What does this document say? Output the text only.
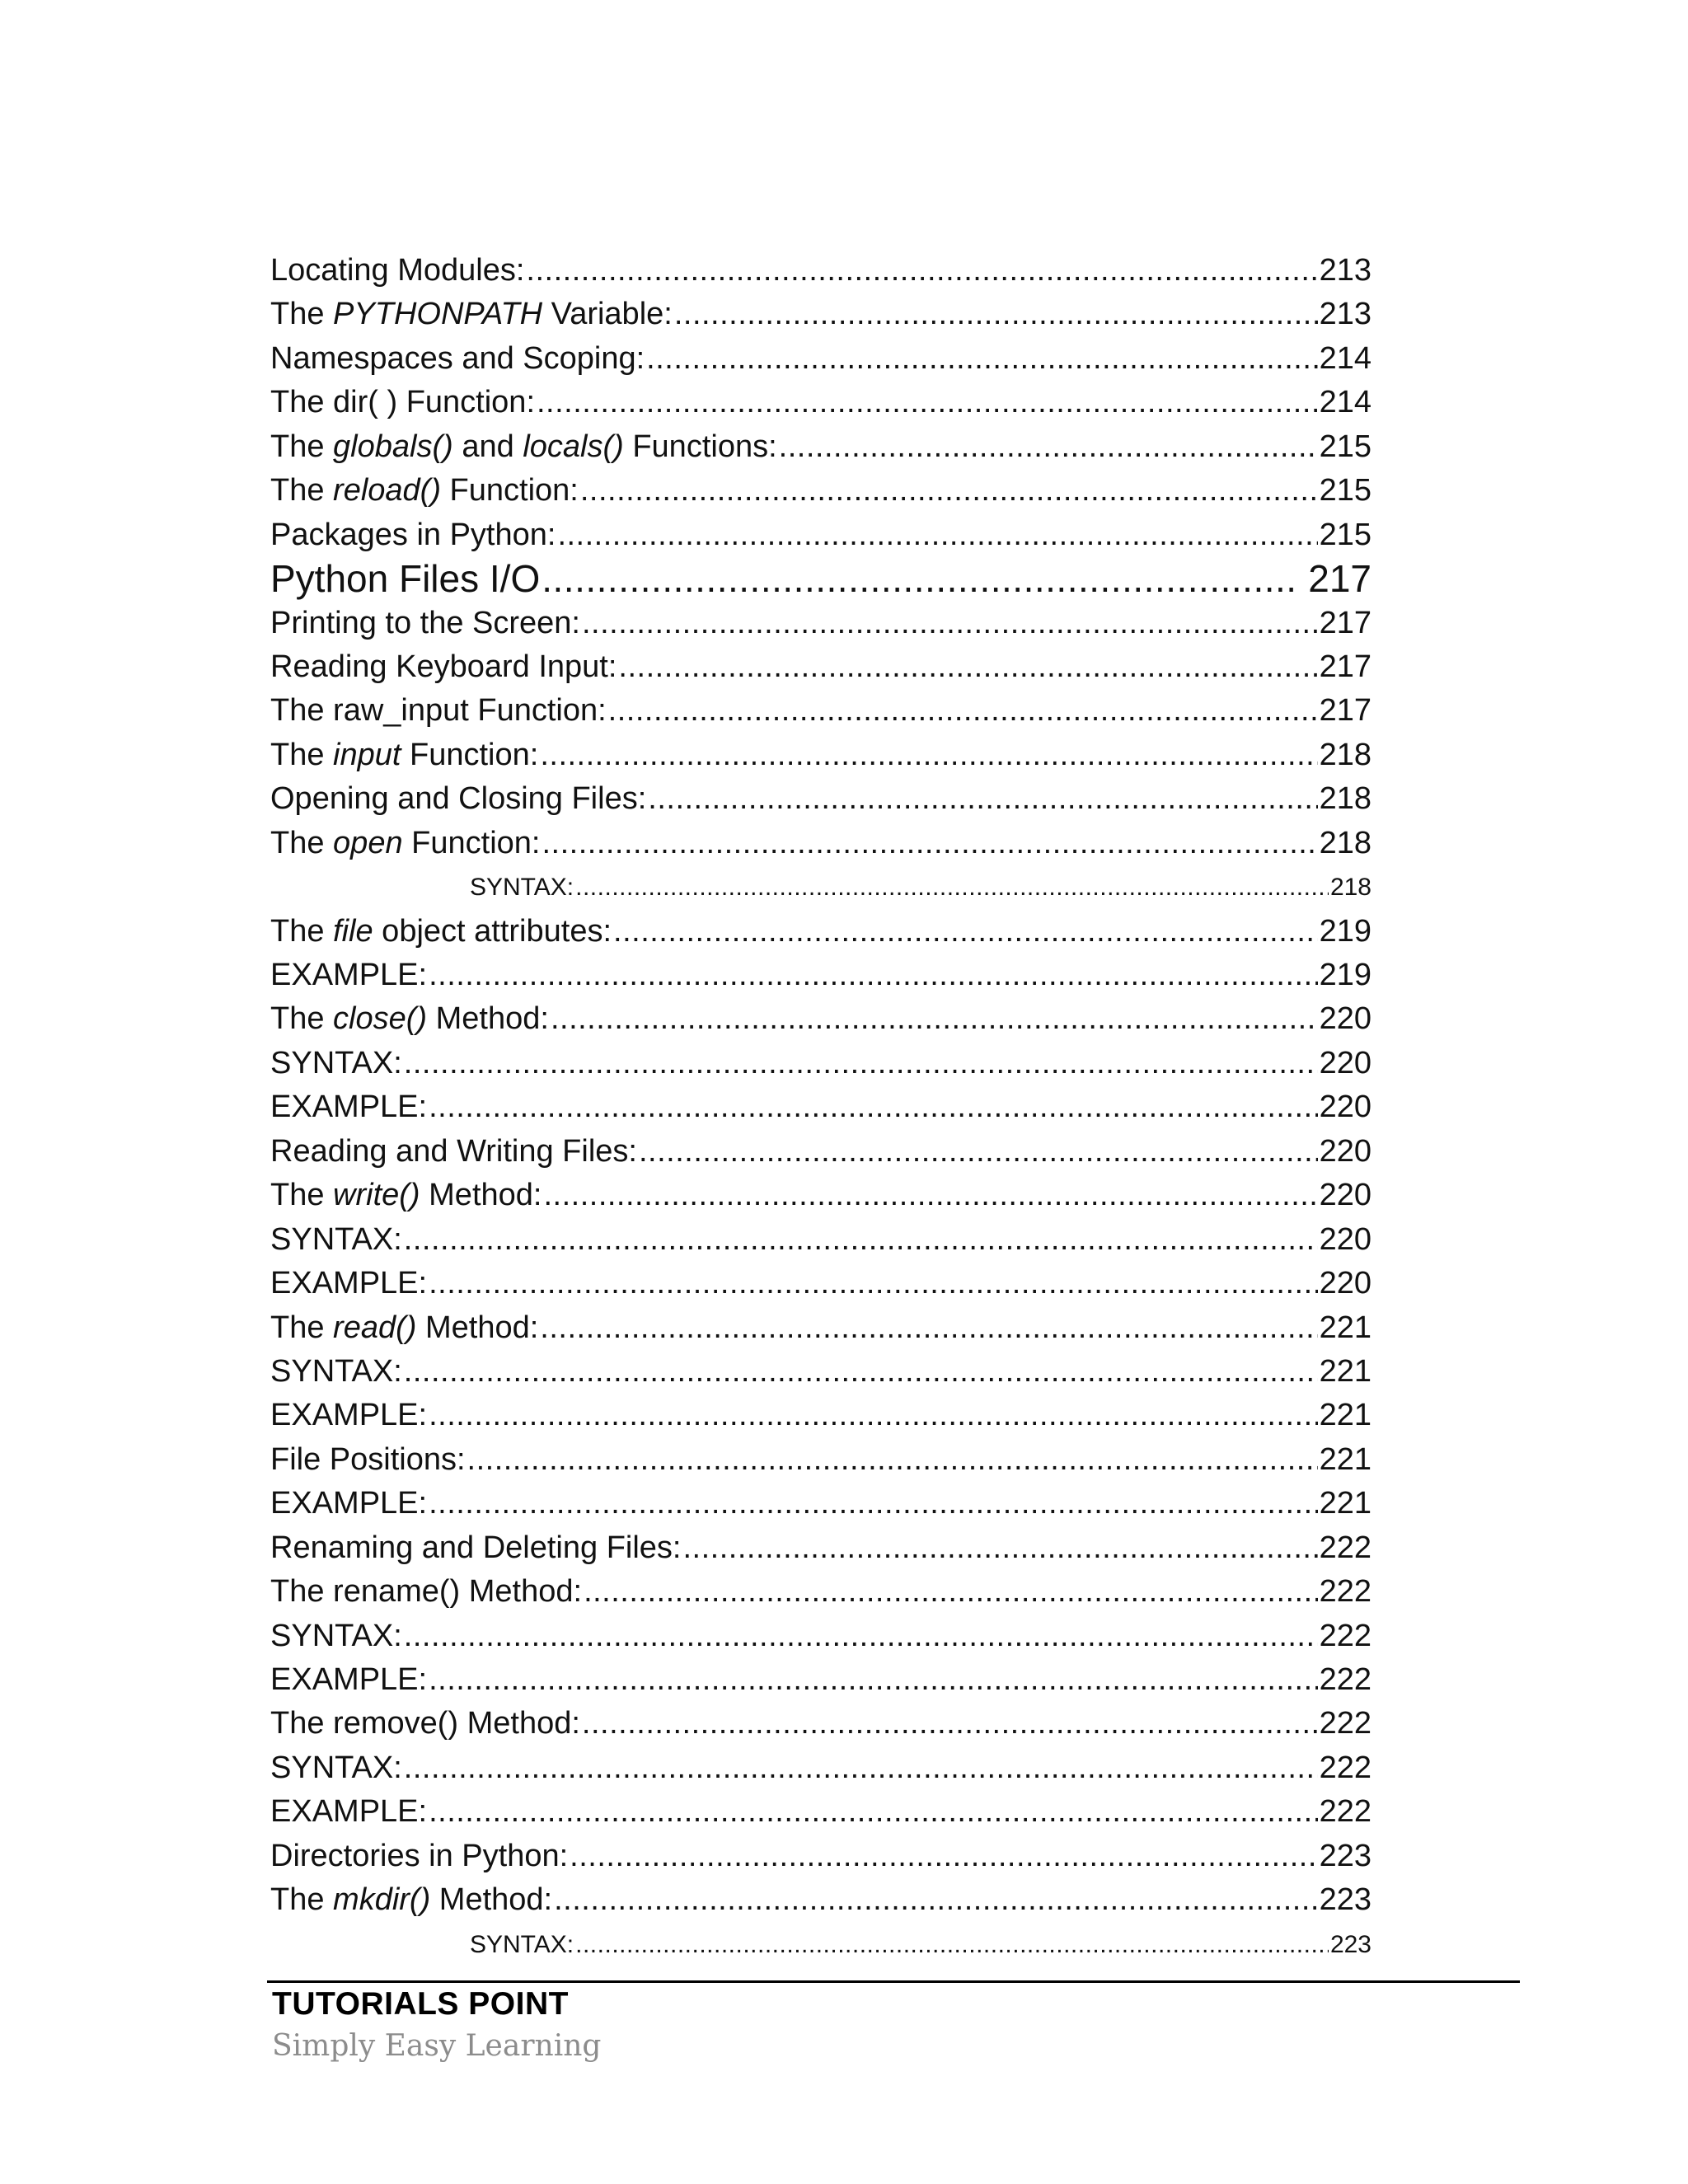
Locating Modules: .....	213
The PYTHONPATH Variable: .....	213
Namespaces and Scoping: .....	214
The dir( ) Function: .....	214
The globals() and locals() Functions: .....	215
The reload() Function: .....	215
Packages in Python: .....	215
Python Files I/O .....	217
Printing to the Screen: .....	217
Reading Keyboard Input: .....	217
The raw_input Function: .....	217
The input Function: .....	218
Opening and Closing Files: .....	218
The open Function: .....	218
SYNTAX: .....	218
The file object attributes: .....	219
EXAMPLE: .....	219
The close() Method: .....	220
SYNTAX: .....	220
EXAMPLE: .....	220
Reading and Writing Files: .....	220
The write() Method: .....	220
SYNTAX: .....	220
EXAMPLE: .....	220
The read() Method: .....	221
SYNTAX: .....	221
EXAMPLE: .....	221
File Positions: .....	221
EXAMPLE: .....	221
Renaming and Deleting Files: .....	222
The rename() Method: .....	222
SYNTAX: .....	222
EXAMPLE: .....	222
The remove() Method: .....	222
SYNTAX: .....	222
EXAMPLE: .....	222
Directories in Python: .....	223
The mkdir() Method: .....	223
SYNTAX: .....	223
TUTORIALS POINT
Simply Easy Learning
